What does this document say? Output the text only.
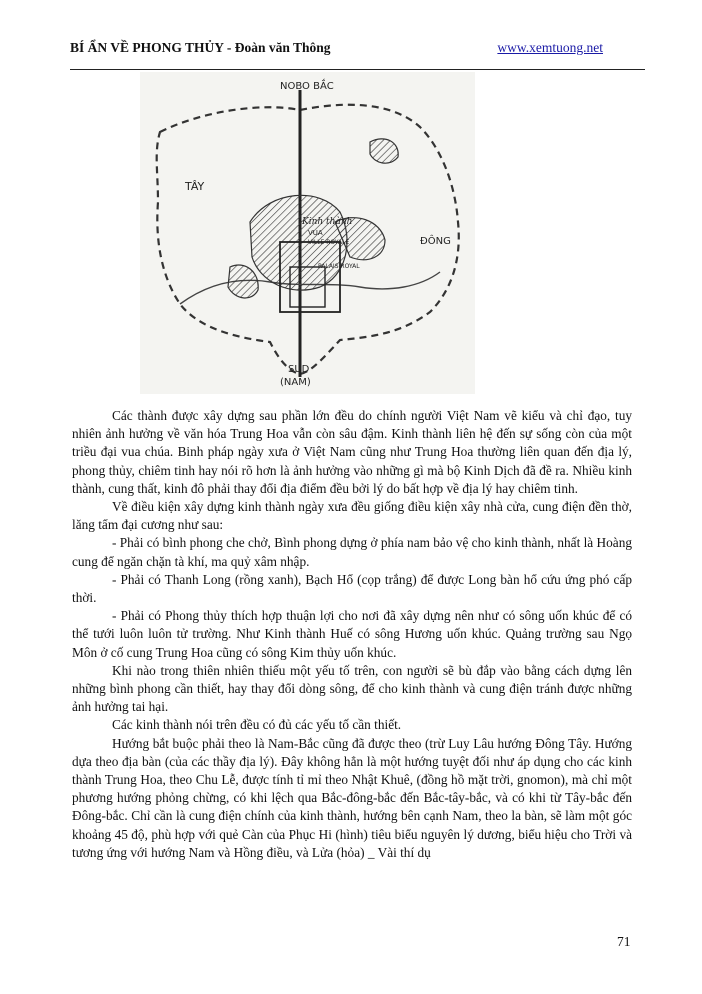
BÍ ẨN VỀ PHONG THỦY - Đoàn văn Thông	www.xemtuong.net
NOBO BẮC
TÂY
ĐÔNG
SUD
(NAM)
Kinh thành
VUA
VILLE ROYALE
PALAIS ROYAL

Các thành được xây dựng sau phần lớn đều do chính người Việt Nam vẽ kiểu và chỉ đạo, tuy nhiên ảnh hưởng về văn hóa Trung Hoa vẫn còn sâu đậm. Kinh thành liên hệ đến sự sống còn của một triều đại vua chúa. Binh pháp ngày xưa ở Việt Nam cũng như Trung Hoa thường liên quan đến địa lý, phong thủy, chiêm tinh hay nói rõ hơn là ảnh hưởng vào những gì mà bộ Kinh Dịch đã đề ra. Nhiều kinh thành, cung thất, kinh đô phải thay đổi địa điểm đều bởi lý do bất hợp về địa lý hay chiêm tinh.

Về điều kiện xây dựng kinh thành ngày xưa đều giống điều kiện xây nhà cửa, cung điện đền thờ, lăng tẩm đại cương như sau:

- Phải có bình phong che chở, Bình phong dựng ở phía nam bảo vệ cho kinh thành, nhất là Hoàng cung để ngăn chặn tà khí, ma quỷ xâm nhập.

- Phải có Thanh Long (rồng xanh), Bạch Hổ (cọp trắng) để được Long bàn hổ cứu ứng phó cấp thời.

- Phải có Phong thủy thích hợp thuận lợi cho nơi đã xây dựng nên như có sông uốn khúc để có thể tưới luôn luôn tử trường. Như Kinh thành Huế có sông Hương uốn khúc. Quảng trường sau Ngọ Môn ở cố cung Trung Hoa cũng có sông Kim thủy uốn khúc.

Khi nào trong thiên nhiên thiếu một yếu tố trên, con người sẽ bù đắp vào bằng cách dựng lên những bình phong cần thiết, hay thay đổi dòng sông, để cho kinh thành và cung điện tránh được những ảnh hưởng tai hại.

Các kinh thành nói trên đều có đủ các yếu tố cần thiết.

Hướng bắt buộc phải theo là Nam-Bắc cũng đã được theo (trừ Luy Lâu hướng Đông Tây. Hướng dựa theo địa bàn (của các thầy địa lý). Đây không hẳn là một hướng tuyệt đối như áp dụng cho các kinh thành Trung Hoa, theo Chu Lễ, được tính tỉ mỉ theo Nhật Khuê, (đồng hồ mặt trời, gnomon), mà chỉ một phương hướng phỏng chừng, có khi lệch qua Bắc-đông-bắc đến Bắc-tây-bắc, và có khi từ Tây-bắc đến Đông-bắc. Chỉ cần là cung điện chính của kinh thành, hướng bên cạnh Nam, theo la bàn, sẽ làm một góc khoảng 45 độ, phù hợp với quẻ Càn của Phục Hi (hình) tiêu biểu nguyên lý dương, biểu hiệu cho Trời và tương ứng với hướng Nam và Hồng điều, và Lửa (hỏa) _ Vài thí dụ

71
